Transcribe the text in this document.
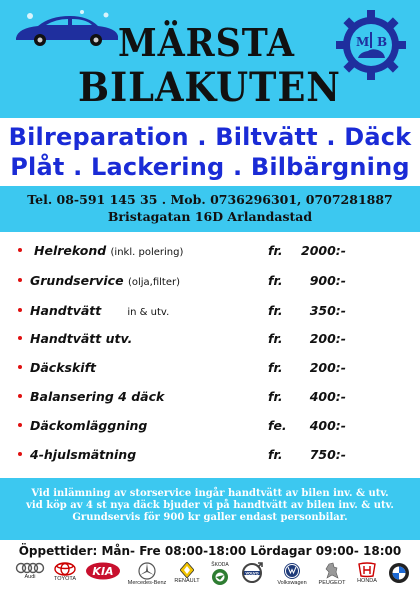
MÄRSTA
BILAKUTEN
M B
Bilreparation . Biltvätt . Däck
Plåt . Lackering . Bilbärgning
Tel. 08-591 145 35 . Mob. 0736296301, 0707281887
Bristagatan 16D Arlandastad
Helrekond (inkl. polering)	fr. 2000:-
Grundservice (olja,filter)	fr.	900:-
Handtvätt	in & utv.	fr.	350:-
Handtvätt utv.	fr.	200:-
Däckskift	fr.	200:-
Balansering 4 däck	fr.	400:-
Däckomläggning	fe.	400:-
4-hjulsmätning	fr.	750:-
Vid inlämning av storservice ingår handtvätt av bilen inv. & utv.
vid köp av 4 st nya däck bjuder vi på handtvätt av bilen inv. & utv.
Grundservis för 900 kr galler endast personbilar.
Öppettider: Mån- Fre 08:00-18:00 Lördagar 09:00- 18:00
Audi	TOYOTA
KIA
Mercedes-Benz	RENAULT
ŠKODA
VOLVO
Volkswagen	PEUGEOT	HONDA
